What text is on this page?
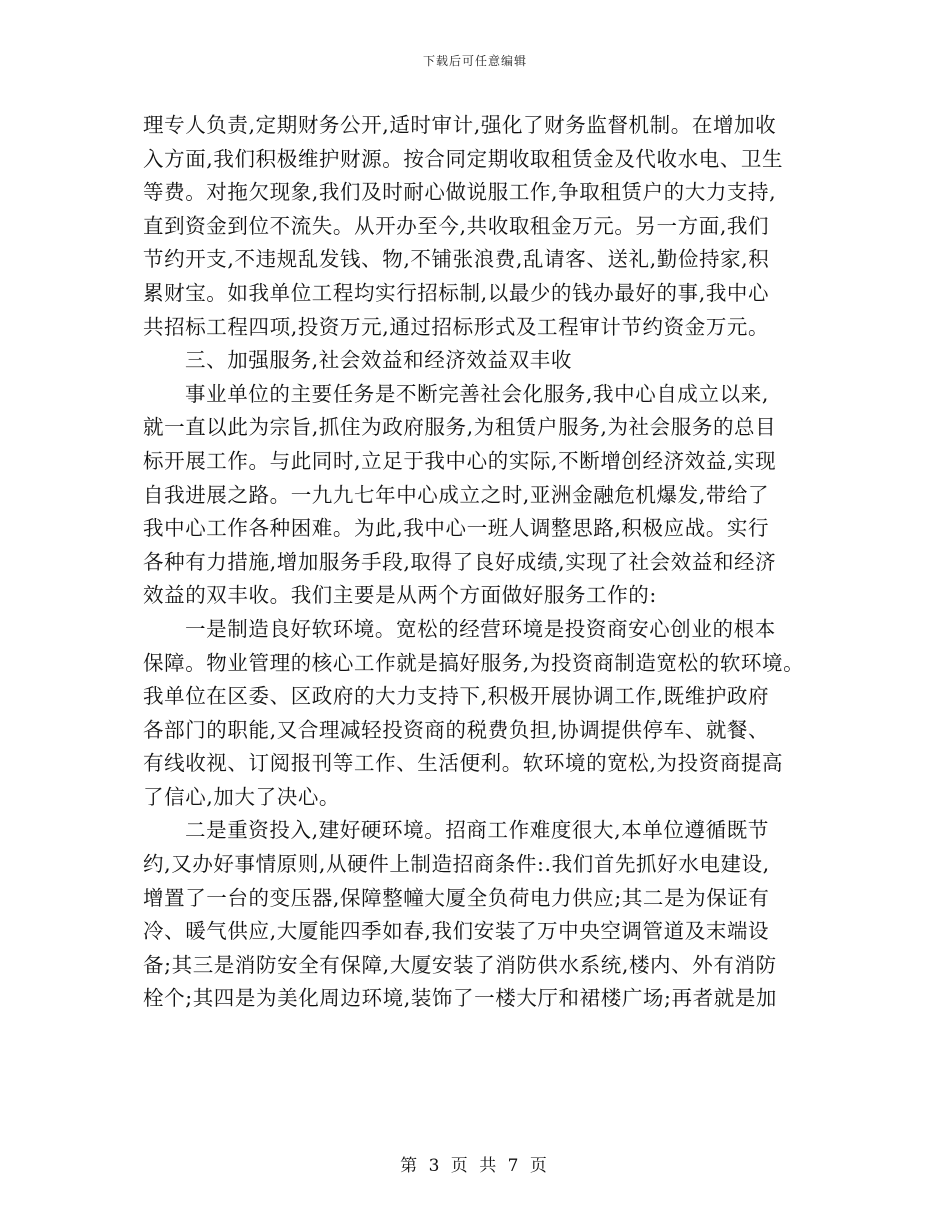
下载后可任意编辑
理专人负责,定期财务公开,适时审计,强化了财务监督机制。在增加收
入方面,我们积极维护财源。按合同定期收取租赁金及代收水电、卫生
等费。对拖欠现象,我们及时耐心做说服工作,争取租赁户的大力支持,
直到资金到位不流失。从开办至今,共收取租金万元。另一方面,我们
节约开支,不违规乱发钱、物,不铺张浪费,乱请客、送礼,勤俭持家,积
累财宝。如我单位工程均实行招标制,以最少的钱办最好的事,我中心
共招标工程四项,投资万元,通过招标形式及工程审计节约资金万元。
三、加强服务,社会效益和经济效益双丰收
事业单位的主要任务是不断完善社会化服务,我中心自成立以来,
就一直以此为宗旨,抓住为政府服务,为租赁户服务,为社会服务的总目
标开展工作。与此同时,立足于我中心的实际,不断增创经济效益,实现
自我进展之路。一九九七年中心成立之时,亚洲金融危机爆发,带给了
我中心工作各种困难。为此,我中心一班人调整思路,积极应战。实行
各种有力措施,增加服务手段,取得了良好成绩,实现了社会效益和经济
效益的双丰收。我们主要是从两个方面做好服务工作的:
一是制造良好软环境。宽松的经营环境是投资商安心创业的根本
保障。物业管理的核心工作就是搞好服务,为投资商制造宽松的软环境。
我单位在区委、区政府的大力支持下,积极开展协调工作,既维护政府
各部门的职能,又合理减轻投资商的税费负担,协调提供停车、就餐、
有线收视、订阅报刊等工作、生活便利。软环境的宽松,为投资商提高
了信心,加大了决心。
二是重资投入,建好硬环境。招商工作难度很大,本单位遵循既节
约,又办好事情原则,从硬件上制造招商条件:.我们首先抓好水电建设,
增置了一台的变压器,保障整幢大厦全负荷电力供应;其二是为保证有
冷、暖气供应,大厦能四季如春,我们安装了万中央空调管道及末端设
备;其三是消防安全有保障,大厦安装了消防供水系统,楼内、外有消防
栓个;其四是为美化周边环境,装饰了一楼大厅和裙楼广场;再者就是加
第 3 页 共 7 页
